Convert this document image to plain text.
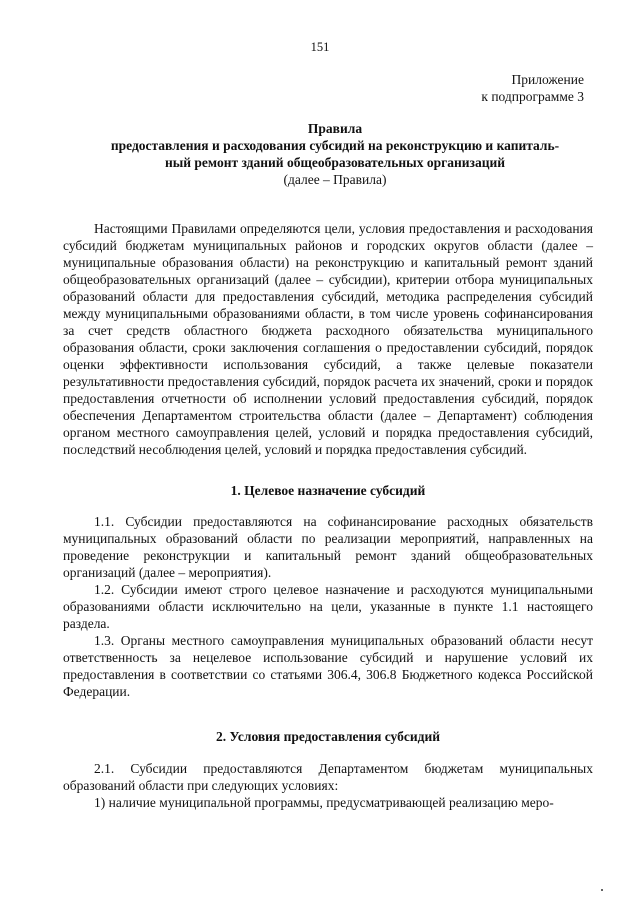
151
Приложение
к подпрограмме 3
Правила
предоставления и расходования субсидий на реконструкцию и капиталь-
ный ремонт зданий общеобразовательных организаций
(далее – Правила)

Настоящими Правилами определяются цели, условия предоставления и расходования субсидий бюджетам муниципальных районов и городских округов области (далее – муниципальные образования области) на реконструкцию и капитальный ремонт зданий общеобразовательных организаций (далее – субсидии), критерии отбора муниципальных образований области для предоставления субсидий, методика распределения субсидий между муниципальными образованиями области, в том числе уровень софинансирования за счет средств областного бюджета расходного обязательства муниципального образования области, сроки заключения соглашения о предоставлении субсидий, порядок оценки эффективности использования субсидий, а также целевые показатели результативности предоставления субсидий, порядок расчета их значений, сроки и порядок предоставления отчетности об исполнении условий предоставления субсидий, порядок обеспечения Департаментом строительства области (далее – Департамент) соблюдения органом местного самоуправления целей, условий и порядка предоставления субсидий, последствий несоблюдения целей, условий и порядка предоставления субсидий.

1. Целевое назначение субсидий

1.1. Субсидии предоставляются на софинансирование расходных обязательств муниципальных образований области по реализации мероприятий, направленных на проведение реконструкции и капитальный ремонт зданий общеобразовательных организаций (далее – мероприятия).

1.2. Субсидии имеют строго целевое назначение и расходуются муниципальными образованиями области исключительно на цели, указанные в пункте 1.1 настоящего раздела.

1.3. Органы местного самоуправления муниципальных образований области несут ответственность за нецелевое использование субсидий и нарушение условий их предоставления в соответствии со статьями 306.4, 306.8 Бюджетного кодекса Российской Федерации.

2. Условия предоставления субсидий

2.1. Субсидии предоставляются Департаментом бюджетам муниципальных образований области при следующих условиях:

1) наличие муниципальной программы, предусматривающей реализацию меро-
